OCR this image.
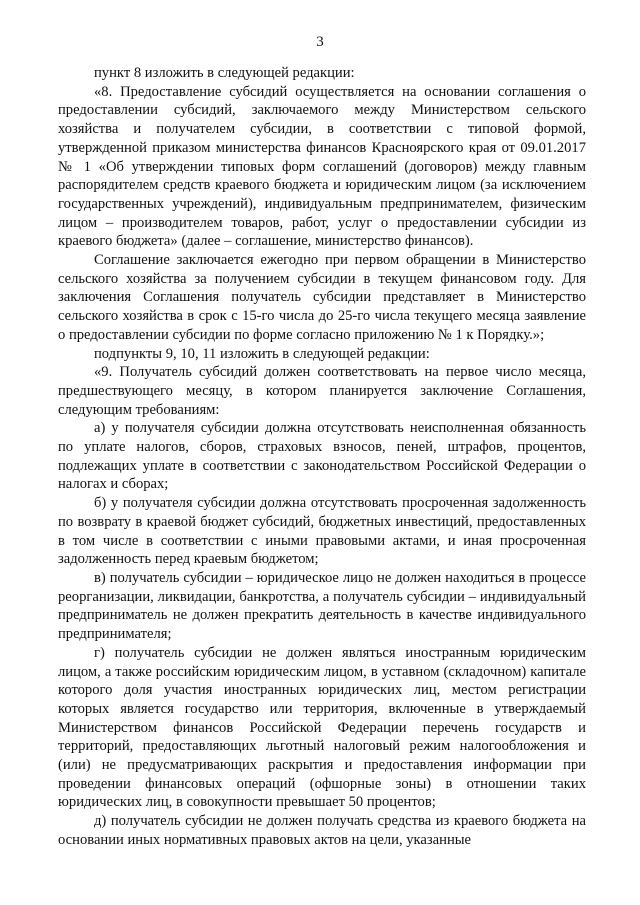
3

пункт 8 изложить в следующей редакции:

«8. Предоставление субсидий осуществляется на основании соглашения о предоставлении субсидий, заключаемого между Министерством сельского хозяйства и получателем субсидии, в соответствии с типовой формой, утвержденной приказом министерства финансов Красноярского края от 09.01.2017 № 1 «Об утверждении типовых форм соглашений (договоров) между главным распорядителем средств краевого бюджета и юридическим лицом (за исключением государственных учреждений), индивидуальным предпринимателем, физическим лицом – производителем товаров, работ, услуг о предоставлении субсидии из краевого бюджета» (далее – соглашение, министерство финансов).

Соглашение заключается ежегодно при первом обращении в Министерство сельского хозяйства за получением субсидии в текущем финансовом году. Для заключения Соглашения получатель субсидии представляет в Министерство сельского хозяйства в срок с 15-го числа до 25-го числа текущего месяца заявление о предоставлении субсидии по форме согласно приложению № 1 к Порядку.»;

подпункты 9, 10, 11 изложить в следующей редакции:

«9. Получатель субсидий должен соответствовать на первое число месяца, предшествующего месяцу, в котором планируется заключение Соглашения, следующим требованиям:

а) у получателя субсидии должна отсутствовать неисполненная обязанность по уплате налогов, сборов, страховых взносов, пеней, штрафов, процентов, подлежащих уплате в соответствии с законодательством Российской Федерации о налогах и сборах;

б) у получателя субсидии должна отсутствовать просроченная задолженность по возврату в краевой бюджет субсидий, бюджетных инвестиций, предоставленных в том числе в соответствии с иными правовыми актами, и иная просроченная задолженность перед краевым бюджетом;

в) получатель субсидии – юридическое лицо не должен находиться в процессе реорганизации, ликвидации, банкротства, а получатель субсидии – индивидуальный предприниматель не должен прекратить деятельность в качестве индивидуального предпринимателя;

г) получатель субсидии не должен являться иностранным юридическим лицом, а также российским юридическим лицом, в уставном (складочном) капитале которого доля участия иностранных юридических лиц, местом регистрации которых является государство или территория, включенные в утверждаемый Министерством финансов Российской Федерации перечень государств и территорий, предоставляющих льготный налоговый режим налогообложения и (или) не предусматривающих раскрытия и предоставления информации при проведении финансовых операций (офшорные зоны) в отношении таких юридических лиц, в совокупности превышает 50 процентов;

д) получатель субсидии не должен получать средства из краевого бюджета на основании иных нормативных правовых актов на цели, указанные
